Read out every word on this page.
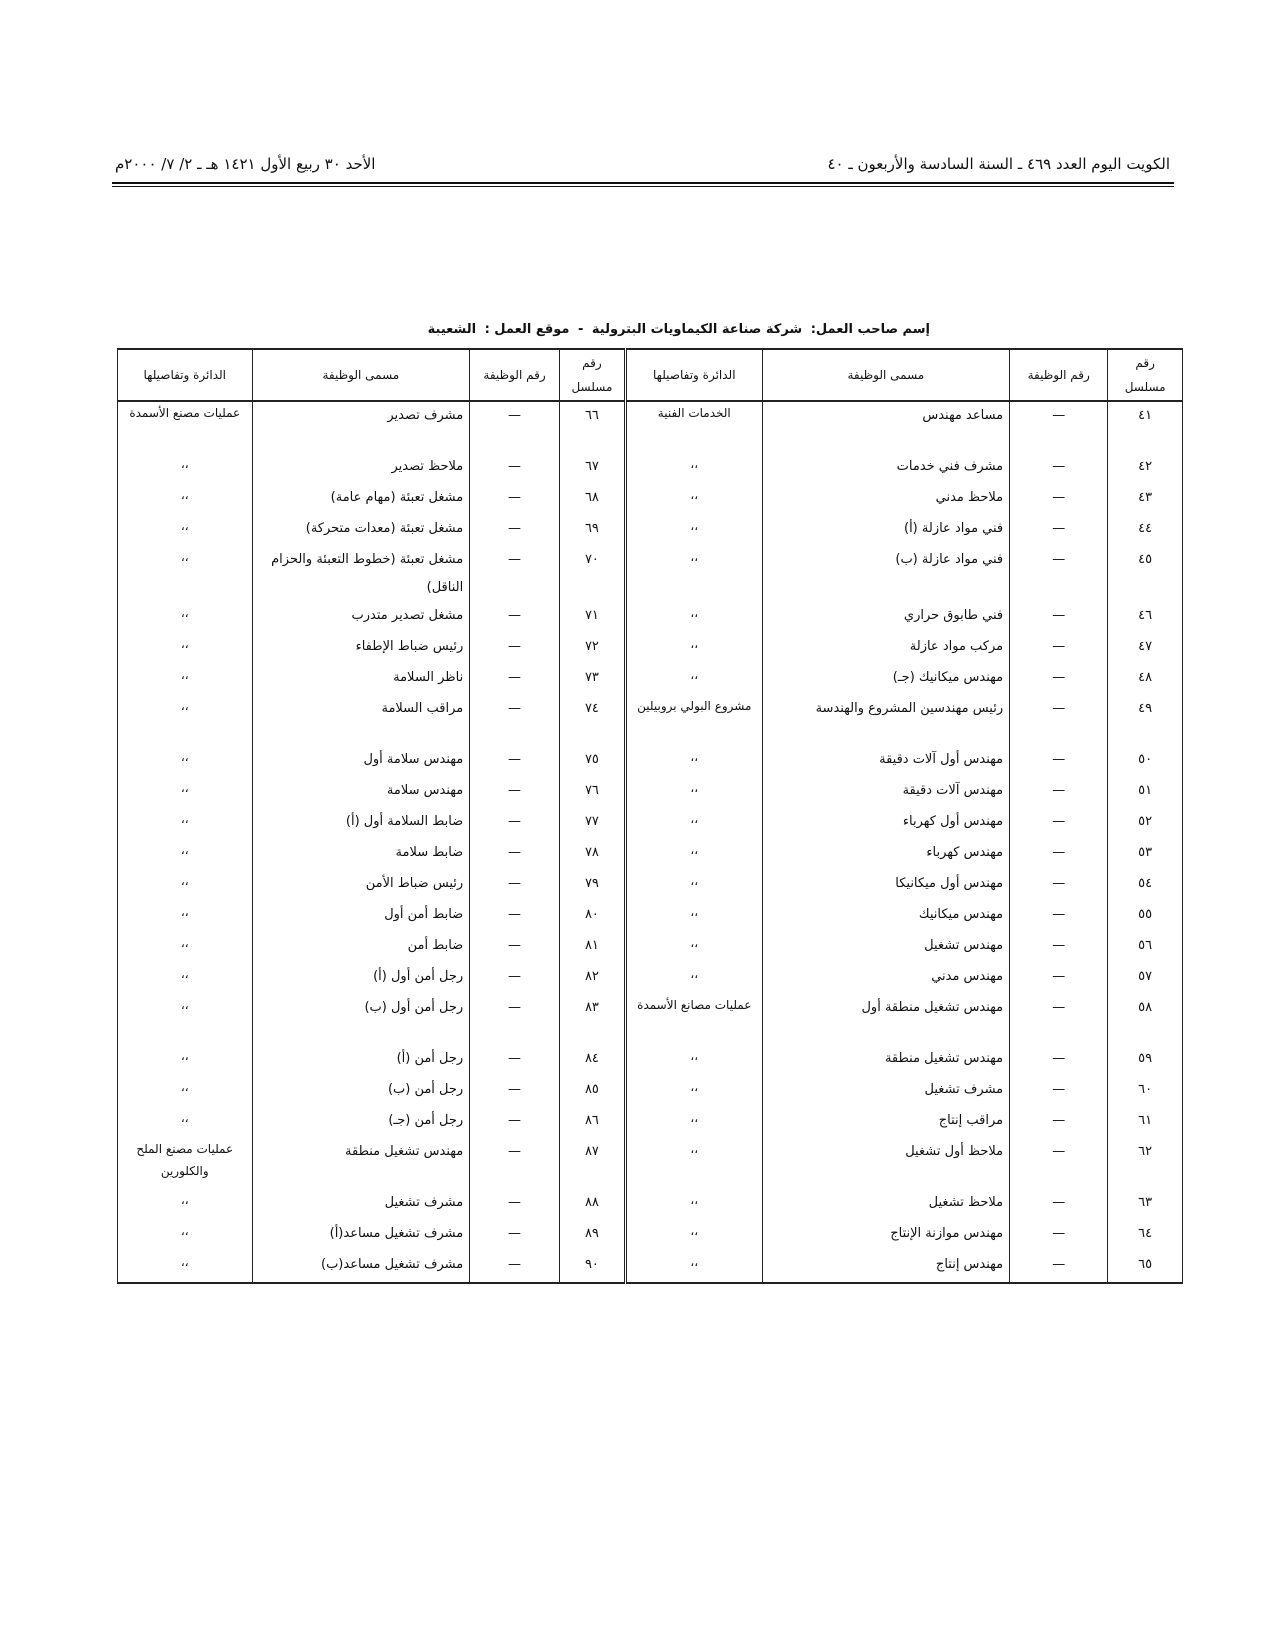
الكويت اليوم العدد ٤٦٩ ـ السنة السادسة والأربعون ـ ٤٠
الأحد ٣٠ ربيع الأول ١٤٢١ هـ ـ ٢/ ٧/ ٢٠٠٠م
إسم صاحب العمل: شركة صناعة الكيماويات البترولية - موقع العمل : الشعيبة
رقم مسلسل	رقم الوظيفة	مسمى الوظيفة	الدائرة وتفاصيلها	رقم مسلسل	رقم الوظيفة	مسمى الوظيفة	الدائرة وتفاصيلها
٤١	—	مساعد مهندس	الخدمات الفنية	٦٦	—	مشرف تصدير	عمليات مصنع الأسمدة
٤٢	—	مشرف فني خدمات	،،	٦٧	—	ملاحظ تصدير	،،
٤٣	—	ملاحظ مدني	،،	٦٨	—	مشغل تعبئة (مهام عامة)	،،
٤٤	—	فني مواد عازلة (أ)	،،	٦٩	—	مشغل تعبئة (معدات متحركة)	،،
٤٥	—	فني مواد عازلة (ب)	،،	٧٠	—	مشغل تعبئة (خطوط التعبئة والحزام الناقل)	،،
٤٦	—	فني طابوق حراري	،،	٧١	—	مشغل تصدير متدرب	،،
٤٧	—	مركب مواد عازلة	،،	٧٢	—	رئيس ضباط الإطفاء	،،
٤٨	—	مهندس ميكانيك (جـ)	،،	٧٣	—	ناظر السلامة	،،
٤٩	—	رئيس مهندسين المشروع والهندسة	مشروع البولي بروبيلين	٧٤	—	مراقب السلامة	،،
٥٠	—	مهندس أول آلات دقيقة	،،	٧٥	—	مهندس سلامة أول	،،
٥١	—	مهندس آلات دقيقة	،،	٧٦	—	مهندس سلامة	،،
٥٢	—	مهندس أول كهرباء	،،	٧٧	—	ضابط السلامة أول (أ)	،،
٥٣	—	مهندس كهرباء	،،	٧٨	—	ضابط سلامة	،،
٥٤	—	مهندس أول ميكانيكا	،،	٧٩	—	رئيس ضباط الأمن	،،
٥٥	—	مهندس ميكانيك	،،	٨٠	—	ضابط أمن أول	،،
٥٦	—	مهندس تشغيل	،،	٨١	—	ضابط أمن	،،
٥٧	—	مهندس مدني	،،	٨٢	—	رجل أمن أول (أ)	،،
٥٨	—	مهندس تشغيل منطقة أول	عمليات مصانع الأسمدة	٨٣	—	رجل أمن أول (ب)	،،
٥٩	—	مهندس تشغيل منطقة	،،	٨٤	—	رجل أمن (أ)	،،
٦٠	—	مشرف تشغيل	،،	٨٥	—	رجل أمن (ب)	،،
٦١	—	مراقب إنتاج	،،	٨٦	—	رجل أمن (جـ)	،،
٦٢	—	ملاحظ أول تشغيل	،،	٨٧	—	مهندس تشغيل منطقة	عمليات مصنع الملح والكلورين
٦٣	—	ملاحظ تشغيل	،،	٨٨	—	مشرف تشغيل	،،
٦٤	—	مهندس موازنة الإنتاج	،،	٨٩	—	مشرف تشغيل مساعد(أ)	،،
٦٥	—	مهندس إنتاج	،،	٩٠	—	مشرف تشغيل مساعد(ب)	،،
